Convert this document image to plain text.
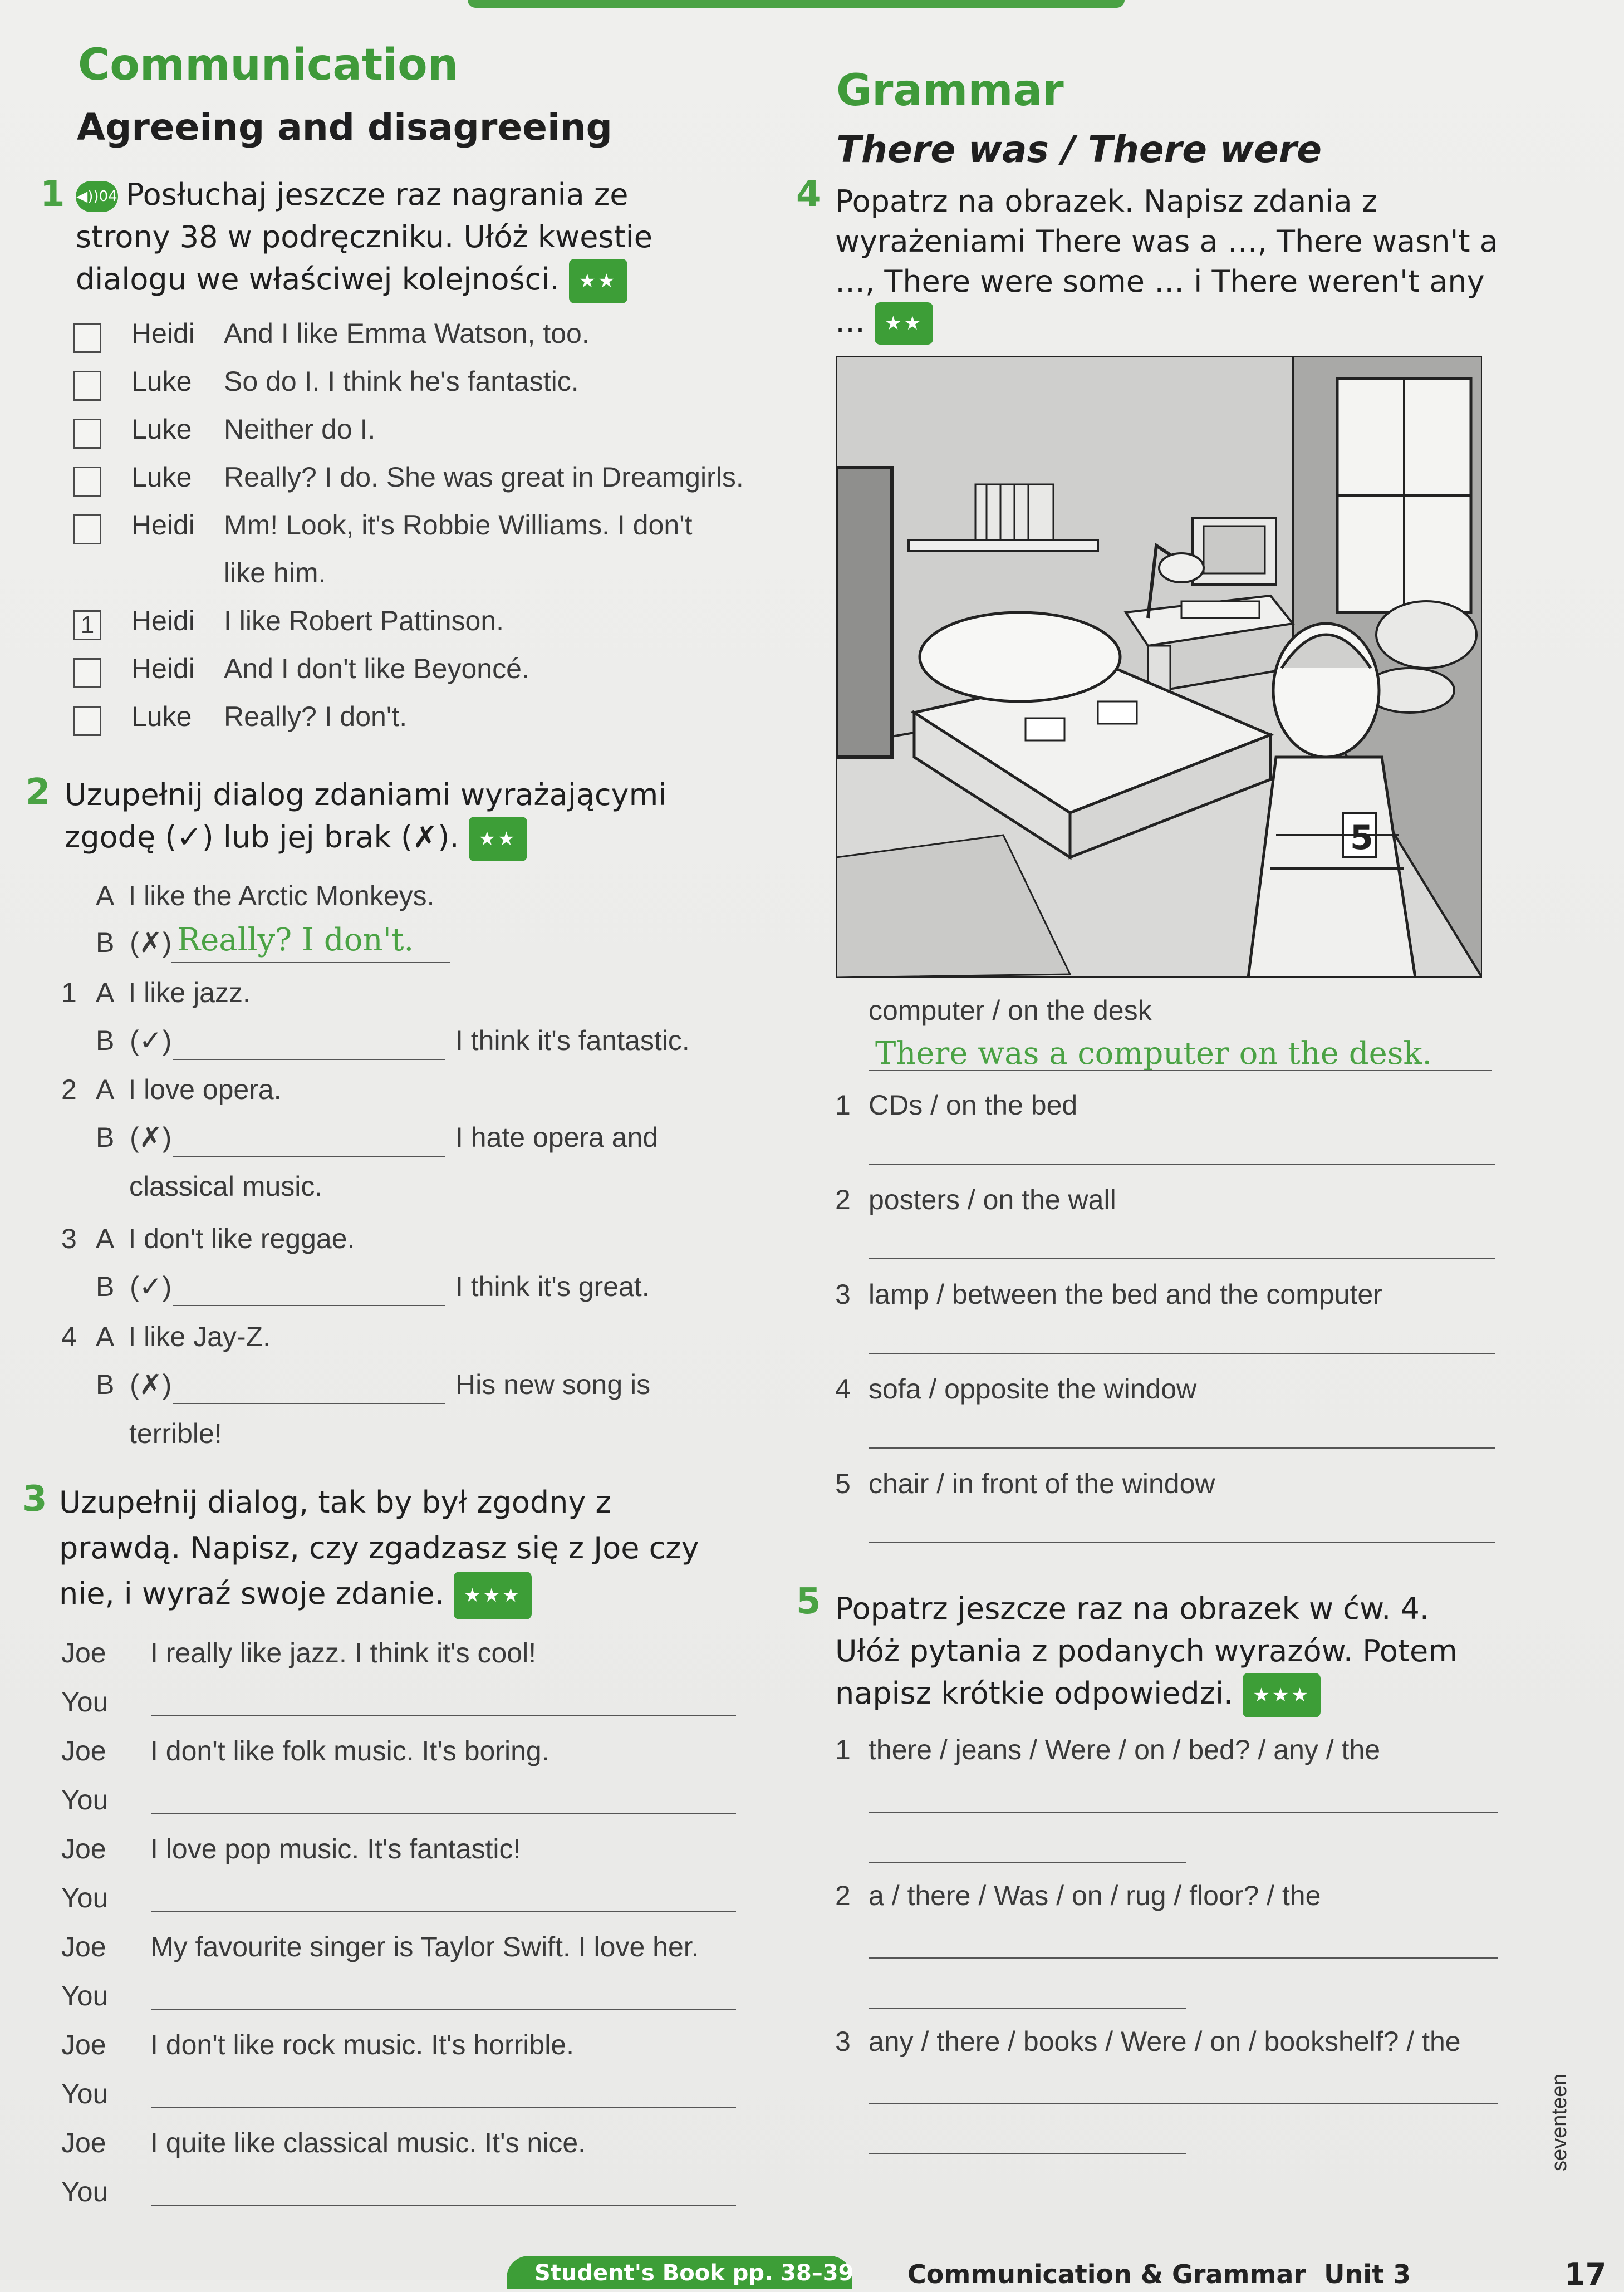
Communication
Agreeing and disagreeing
1 ◀))04 Posłuchaj jeszcze raz nagrania ze strony 38 w podręczniku. Ułóż kwestie dialogu we właściwej kolejności. ★★
Heidi And I like Emma Watson, too.
Luke So do I. I think he's fantastic.
Luke Neither do I.
Luke Really? I do. She was great in Dreamgirls.
Heidi Mm! Look, it's Robbie Williams. I don't
like him.
1 Heidi I like Robert Pattinson.
Heidi And I don't like Beyoncé.
Luke Really? I don't.
2 Uzupełnij dialog zdaniami wyrażającymi zgodę (✓) lub jej brak (✗). ★★
A  I like the Arctic Monkeys.
B  (✗) Really? I don't.
1 A  I like jazz.
B  (✓)	I think it's fantastic.
2 A  I love opera.
B  (✗)	I hate opera and
classical music.
3 A  I don't like reggae.
B  (✓)	I think it's great.
4 A  I like Jay-Z.
B  (✗)	His new song is
terrible!
3 Uzupełnij dialog, tak by był zgodny z prawdą. Napisz, czy zgadzasz się z Joe czy nie, i wyraź swoje zdanie. ★★★
Joe I really like jazz. I think it's cool!
You
Joe I don't like folk music. It's boring.
You
Joe I love pop music. It's fantastic!
You
Joe My favourite singer is Taylor Swift. I love her.
You
Joe I don't like rock music. It's horrible.
You
Joe I quite like classical music. It's nice.
You
Grammar
There was / There were
4 Popatrz na obrazek. Napisz zdania z wyrażeniami There was a …, There wasn't a …, There were some … i There weren't any … ★★
5
computer / on the desk
There was a computer on the desk.
1 CDs / on the bed
2 posters / on the wall
3 lamp / between the bed and the computer
4 sofa / opposite the window
5 chair / in front of the window
5 Popatrz jeszcze raz na obrazek w ćw. 4. Ułóż pytania z podanych wyrazów. Potem napisz krótkie odpowiedzi. ★★★
1 there / jeans / Were / on / bed? / any / the
2 a / there / Was / on / rug / floor? / the
3 any / there / books / Were / on / bookshelf? / the
Student's Book pp. 38–39 Communication & Grammar  Unit 3	17
seventeen
